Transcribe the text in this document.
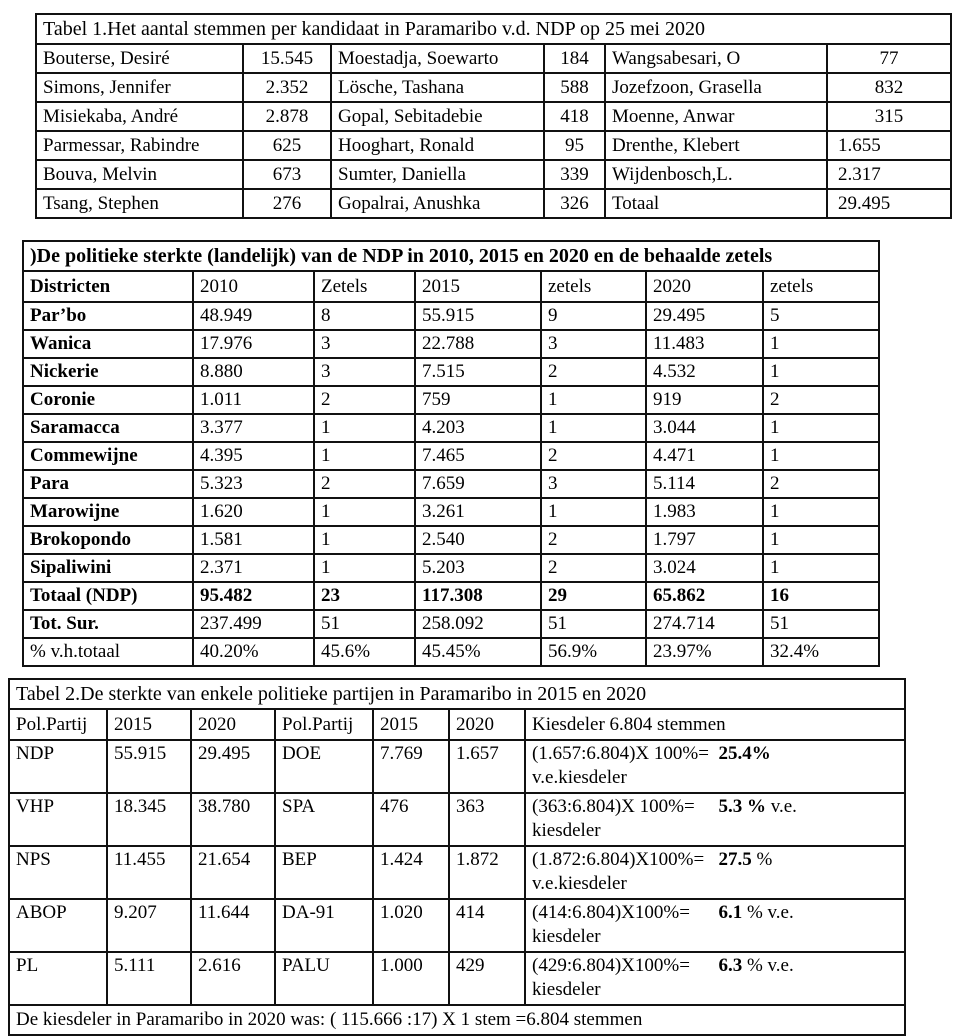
Tabel 1.Het aantal stemmen per kandidaat in Paramaribo v.d. NDP op 25 mei 2020					
Bouterse, Desiré	15.545	Moestadja, Soewarto	184	Wangsabesari, O	77
Simons, Jennifer	2.352	Lösche, Tashana	588	Jozefzoon, Grasella	832
Misiekaba, André	2.878	Gopal, Sebitadebie	418	Moenne, Anwar	315
Parmessar, Rabindre	625	Hooghart, Ronald	95	Drenthe, Klebert	1.655
Bouva, Melvin	673	Sumter, Daniella	339	Wijdenbosch,L.	2.317
Tsang, Stephen	276	Gopalrai, Anushka	326	Totaal	29.495
)De politieke sterkte (landelijk) van de NDP in 2010, 2015 en 2020 en de behaalde zetels						
Districten	2010	Zetels	2015	zetels	2020	zetels
Par’bo	48.949	8	55.915	9	29.495	5
Wanica	17.976	3	22.788	3	11.483	1
Nickerie	8.880	3	7.515	2	4.532	1
Coronie	1.011	2	759	1	919	2
Saramacca	3.377	1	4.203	1	3.044	1
Commewijne	4.395	1	7.465	2	4.471	1
Para	5.323	2	7.659	3	5.114	2
Marowijne	1.620	1	3.261	1	1.983	1
Brokopondo	1.581	1	2.540	2	1.797	1
Sipaliwini	2.371	1	5.203	2	3.024	1
Totaal (NDP)	95.482	23	117.308	29	65.862	16
Tot. Sur.	237.499	51	258.092	51	274.714	51
% v.h.totaal	40.20%	45.6%	45.45%	56.9%	23.97%	32.4%
Tabel 2.De sterkte van enkele politieke partijen in Paramaribo in 2015 en 2020						
Pol.Partij	2015	2020	Pol.Partij	2015	2020	Kiesdeler 6.804 stemmen
NDP	55.915	29.495	DOE	7.769	1.657	(1.657:6.804)X 100%=  25.4%
v.e.kiesdeler
VHP	18.345	38.780	SPA	476	363	(363:6.804)X 100%=     5.3 % v.e.
kiesdeler
NPS	11.455	21.654	BEP	1.424	1.872	(1.872:6.804)X100%=   27.5 %
v.e.kiesdeler
ABOP	9.207	11.644	DA-91	1.020	414	(414:6.804)X100%=      6.1 % v.e.
kiesdeler
PL	5.111	2.616	PALU	1.000	429	(429:6.804)X100%=      6.3 % v.e.
kiesdeler
De kiesdeler in Paramaribo in 2020 was: ( 115.666 :17) X 1 stem =6.804 stemmen						
